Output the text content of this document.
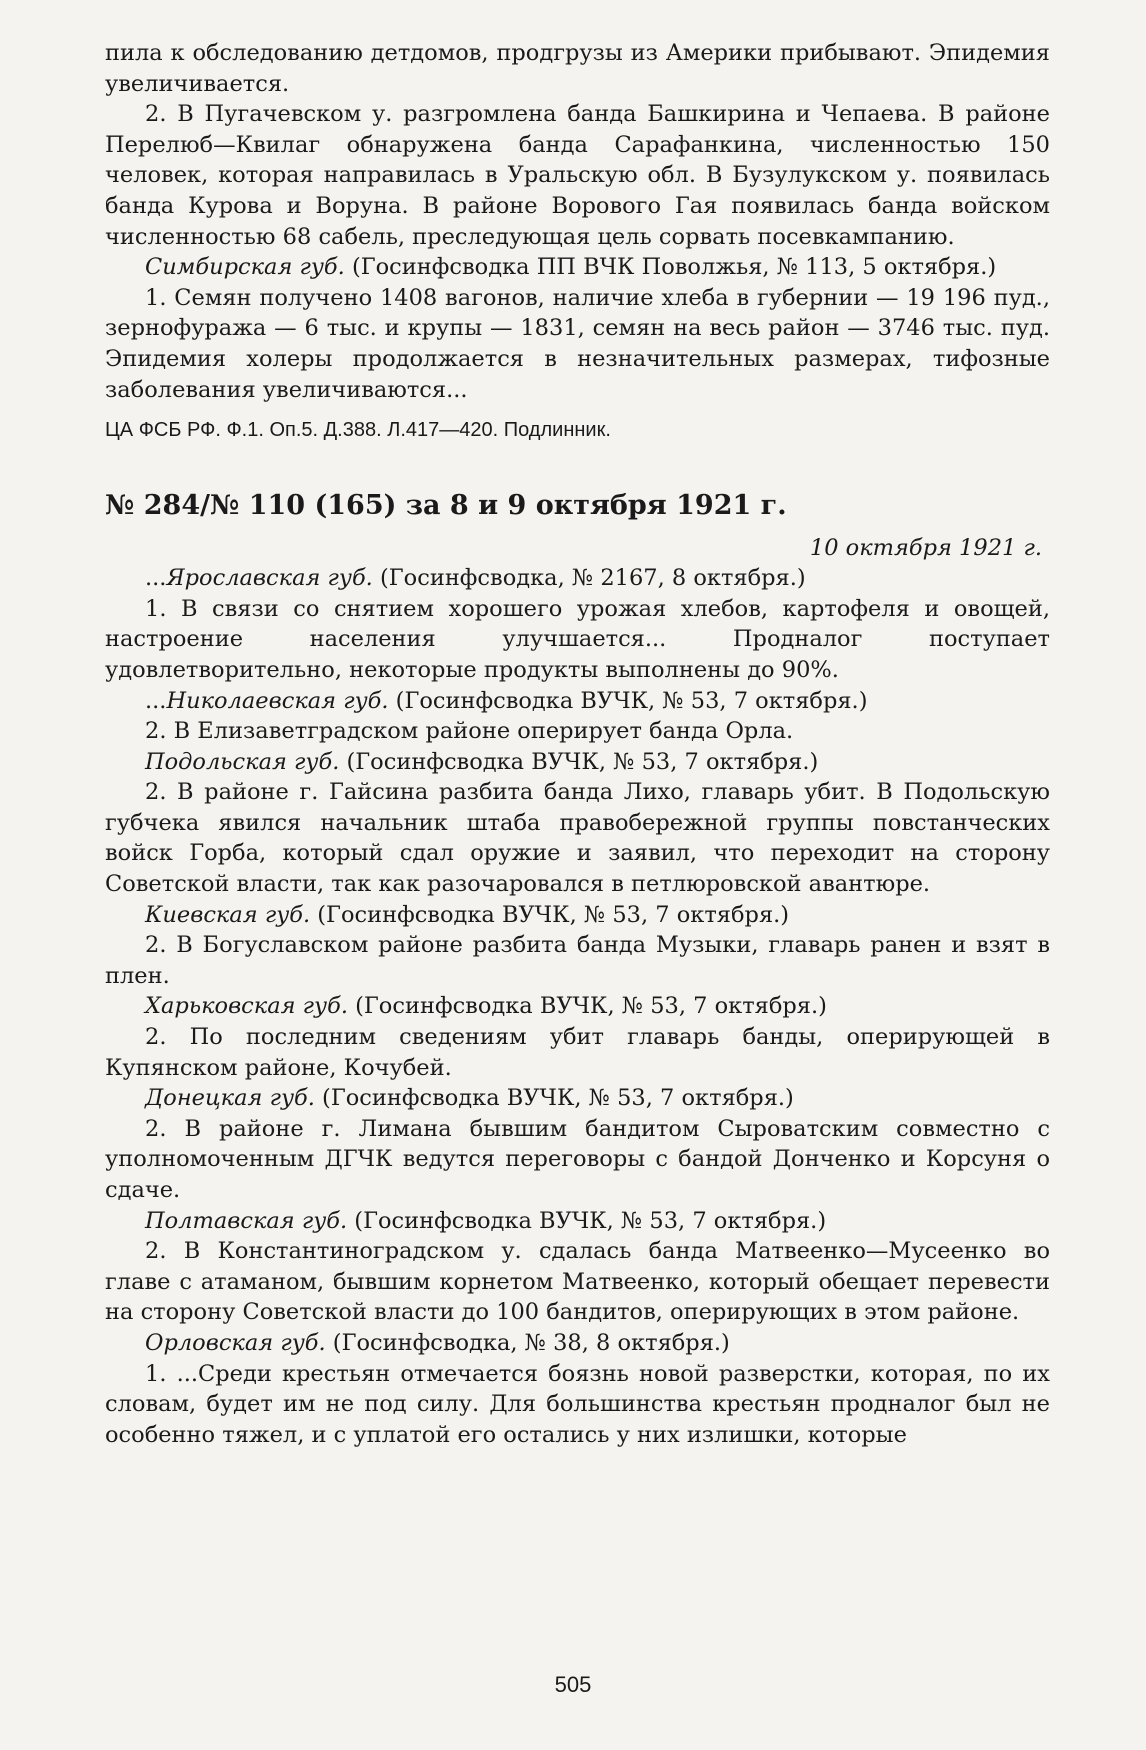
пила к обследованию детдомов, продгрузы из Америки прибывают. Эпидемия увеличивается.

2. В Пугачевском у. разгромлена банда Башкирина и Чепаева. В районе Перелюб—Квилаг обнаружена банда Сарафанкина, численностью 150 человек, которая направилась в Уральскую обл. В Бузулукском у. появилась банда Курова и Воруна. В районе Ворового Гая появилась банда войском численностью 68 сабель, преследующая цель сорвать посевкампанию.

Симбирская губ. (Госинфсводка ПП ВЧК Поволжья, № 113, 5 октября.)

1. Семян получено 1408 вагонов, наличие хлеба в губернии — 19 196 пуд., зернофуража — 6 тыс. и крупы — 1831, семян на весь район — 3746 тыс. пуд. Эпидемия холеры продолжается в незначительных размерах, тифозные заболевания увеличиваются...

ЦА ФСБ РФ. Ф.1. Оп.5. Д.388. Л.417—420. Подлинник.

№ 284/№ 110 (165) за 8 и 9 октября 1921 г.

10 октября 1921 г.

...Ярославская губ. (Госинфсводка, № 2167, 8 октября.)

1. В связи со снятием хорошего урожая хлебов, картофеля и овощей, настроение населения улучшается... Продналог поступает удовлетворительно, некоторые продукты выполнены до 90%.

...Николаевская губ. (Госинфсводка ВУЧК, № 53, 7 октября.)

2. В Елизаветградском районе оперирует банда Орла.

Подольская губ. (Госинфсводка ВУЧК, № 53, 7 октября.)

2. В районе г. Гайсина разбита банда Лихо, главарь убит. В Подольскую губчека явился начальник штаба правобережной группы повстанческих войск Горба, который сдал оружие и заявил, что переходит на сторону Советской власти, так как разочаровался в петлюровской авантюре.

Киевская губ. (Госинфсводка ВУЧК, № 53, 7 октября.)

2. В Богуславском районе разбита банда Музыки, главарь ранен и взят в плен.

Харьковская губ. (Госинфсводка ВУЧК, № 53, 7 октября.)

2. По последним сведениям убит главарь банды, оперирующей в Купянском районе, Кочубей.

Донецкая губ. (Госинфсводка ВУЧК, № 53, 7 октября.)

2. В районе г. Лимана бывшим бандитом Сыроватским совместно с уполномоченным ДГЧК ведутся переговоры с бандой Донченко и Корсуня о сдаче.

Полтавская губ. (Госинфсводка ВУЧК, № 53, 7 октября.)

2. В Константиноградском у. сдалась банда Матвеенко—Мусеенко во главе с атаманом, бывшим корнетом Матвеенко, который обещает перевести на сторону Советской власти до 100 бандитов, оперирующих в этом районе.

Орловская губ. (Госинфсводка, № 38, 8 октября.)

1. ...Среди крестьян отмечается боязнь новой разверстки, которая, по их словам, будет им не под силу. Для большинства крестьян продналог был не особенно тяжел, и с уплатой его остались у них излишки, которые

505
